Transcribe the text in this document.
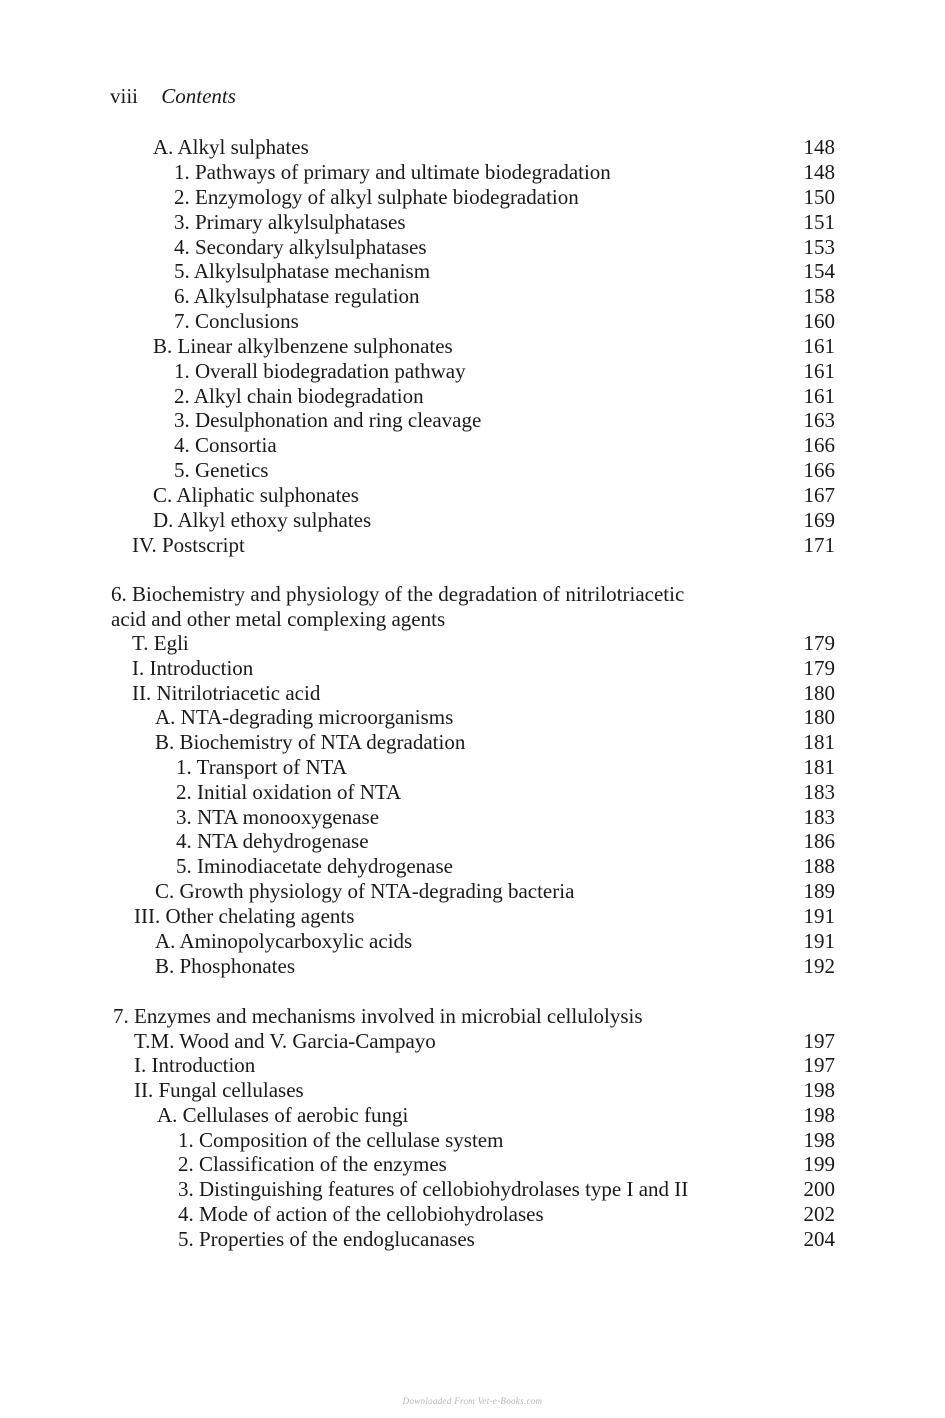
viii Contents
A. Alkyl sulphates	148
1. Pathways of primary and ultimate biodegradation	148
2. Enzymology of alkyl sulphate biodegradation	150
3. Primary alkylsulphatases	151
4. Secondary alkylsulphatases	153
5. Alkylsulphatase mechanism	154
6. Alkylsulphatase regulation	158
7. Conclusions	160
B. Linear alkylbenzene sulphonates	161
1. Overall biodegradation pathway	161
2. Alkyl chain biodegradation	161
3. Desulphonation and ring cleavage	163
4. Consortia	166
5. Genetics	166
C. Aliphatic sulphonates	167
D. Alkyl ethoxy sulphates	169
IV. Postscript	171
6. Biochemistry and physiology of the degradation of nitrilotriacetic
acid and other metal complexing agents
T. Egli	179
I. Introduction	179
II. Nitrilotriacetic acid	180
A. NTA-degrading microorganisms	180
B. Biochemistry of NTA degradation	181
1. Transport of NTA	181
2. Initial oxidation of NTA	183
3. NTA monooxygenase	183
4. NTA dehydrogenase	186
5. Iminodiacetate dehydrogenase	188
C. Growth physiology of NTA-degrading bacteria	189
III. Other chelating agents	191
A. Aminopolycarboxylic acids	191
B. Phosphonates	192
7. Enzymes and mechanisms involved in microbial cellulolysis
T.M. Wood and V. Garcia-Campayo	197
I. Introduction	197
II. Fungal cellulases	198
A. Cellulases of aerobic fungi	198
1. Composition of the cellulase system	198
2. Classification of the enzymes	199
3. Distinguishing features of cellobiohydrolases type I and II	200
4. Mode of action of the cellobiohydrolases	202
5. Properties of the endoglucanases	204
Downloaded From Vet-e-Books.com
